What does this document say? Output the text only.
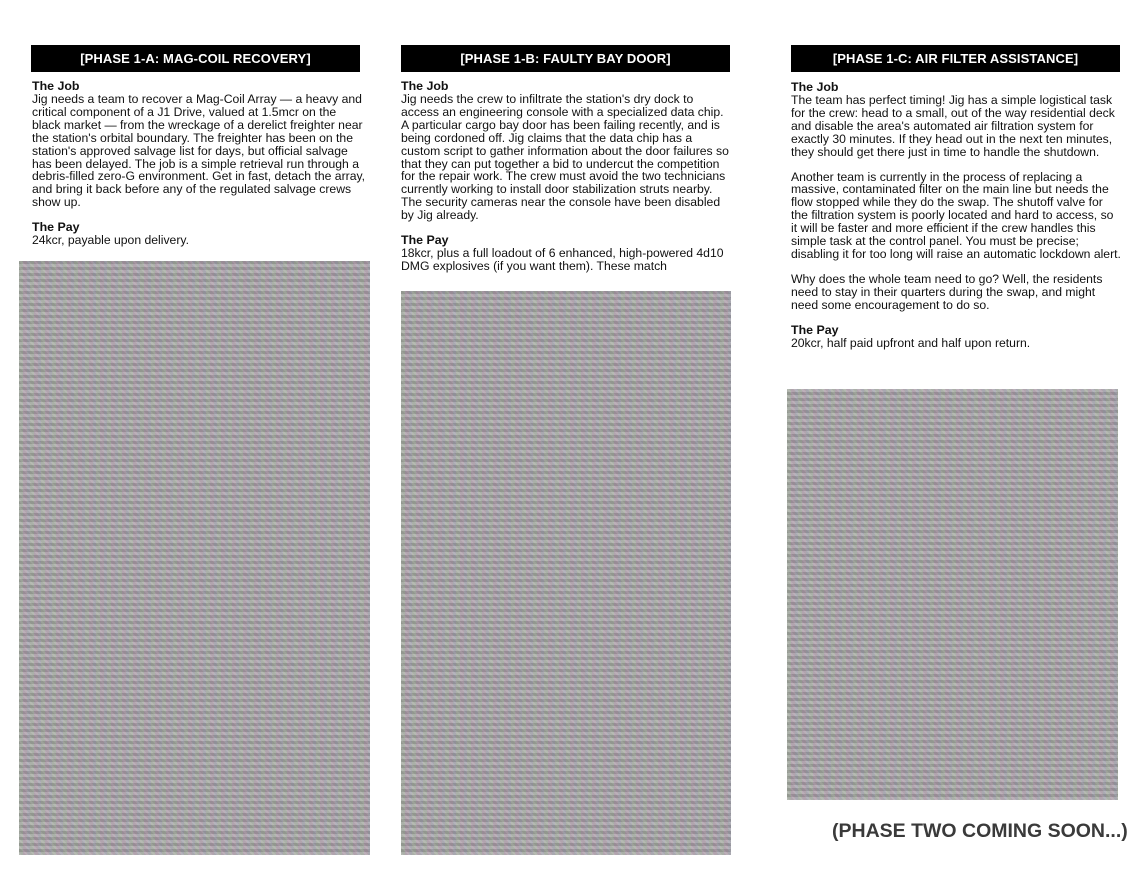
[PHASE 1-A: MAG-COIL RECOVERY]
The Job

Jig needs a team to recover a Mag-Coil Array — a heavy and critical component of a J1 Drive, valued at 1.5mcr on the black market — from the wreckage of a derelict freighter near the station's orbital boundary. The freighter has been on the station's approved salvage list for days, but official salvage has been delayed. The job is a simple retrieval run through a debris-filled zero-G environment. Get in fast, detach the array, and bring it back before any of the regulated salvage crews show up.

The Pay

24kcr, payable upon delivery.

[PHASE 1-B: FAULTY BAY DOOR]
The Job

Jig needs the crew to infiltrate the station's dry dock to access an engineering console with a specialized data chip. A particular cargo bay door has been failing recently, and is being cordoned off. Jig claims that the data chip has a custom script to gather information about the door failures so that they can put together a bid to undercut the competition for the repair work. The crew must avoid the two technicians currently working to install door stabilization struts nearby. The security cameras near the console have been disabled by Jig already.

The Pay

18kcr, plus a full loadout of 6 enhanced, high-powered 4d10 DMG explosives (if you want them). These match

[PHASE 1-C: AIR FILTER ASSISTANCE]
The Job

The team has perfect timing! Jig has a simple logistical task for the crew: head to a small, out of the way residential deck and disable the area's automated air filtration system for exactly 30 minutes. If they head out in the next ten minutes, they should get there just in time to handle the shutdown.

Another team is currently in the process of replacing a massive, contaminated filter on the main line but needs the flow stopped while they do the swap. The shutoff valve for the filtration system is poorly located and hard to access, so it will be faster and more efficient if the crew handles this simple task at the control panel. You must be precise; disabling it for too long will raise an automatic lockdown alert.

Why does the whole team need to go? Well, the residents need to stay in their quarters during the swap, and might need some encouragement to do so.

The Pay

20kcr, half paid upfront and half upon return.

(PHASE TWO COMING SOON...)
